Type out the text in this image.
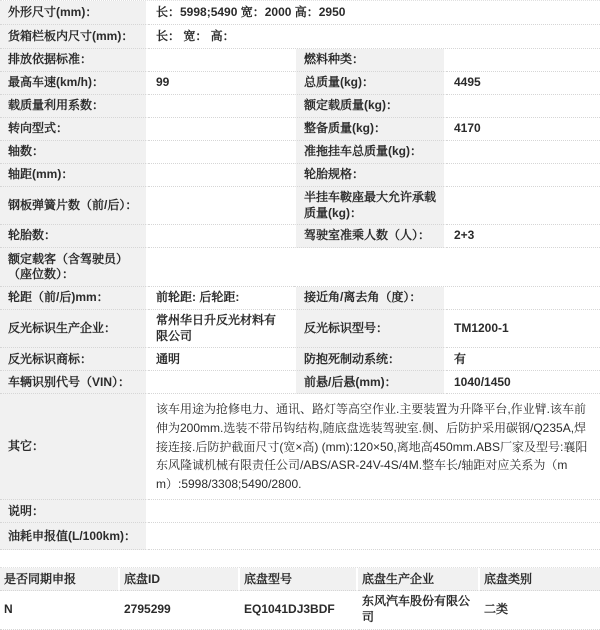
外形尺寸(mm)：	长：5998;5490 宽：2000 高：2950		
货箱栏板内尺寸(mm)：	长： 宽： 高：		
排放依据标准：		燃料种类：	
最高车速(km/h)：	99	总质量(kg)：	4495
载质量利用系数：		额定载质量(kg)：	
转向型式：		整备质量(kg)：	4170
轴数：		准拖挂车总质量(kg)：	
轴距(mm)：		轮胎规格：	
钢板弹簧片数（前/后）：		半挂车鞍座最大允许承载质量(kg)：	
轮胎数：		驾驶室准乘人数（人）：	2+3
额定载客（含驾驶员）（座位数）：			
轮距（前/后)mm：	前轮距: 后轮距:	接近角/离去角（度）：	
反光标识生产企业：	常州华日升反光材料有限公司	反光标识型号：	TM1200-1
反光标识商标：	通明	防抱死制动系统：	有
车辆识别代号（VIN）：		前悬/后悬(mm)：	1040/1450
其它：	该车用途为抢修电力、通讯、路灯等高空作业.主要装置为升降平台,作业臂.该车前伸为200mm.选装不带吊钩结构,随底盘选装驾驶室.侧、后防护采用碳钢/Q235A,焊接连接.后防护截面尺寸(宽×高) (mm):120×50,离地高450mm.ABS厂家及型号:襄阳东风隆诚机械有限责任公司/ABS/ASR-24V-4S/4M.整车长/轴距对应关系为（mm）:5998/3308;5490/2800.		
说明：			
油耗申报值(L/100km)：			
是否同期申报	底盘ID	底盘型号	底盘生产企业	底盘类别
N	2795299	EQ1041DJ3BDF	东风汽车股份有限公司	二类
